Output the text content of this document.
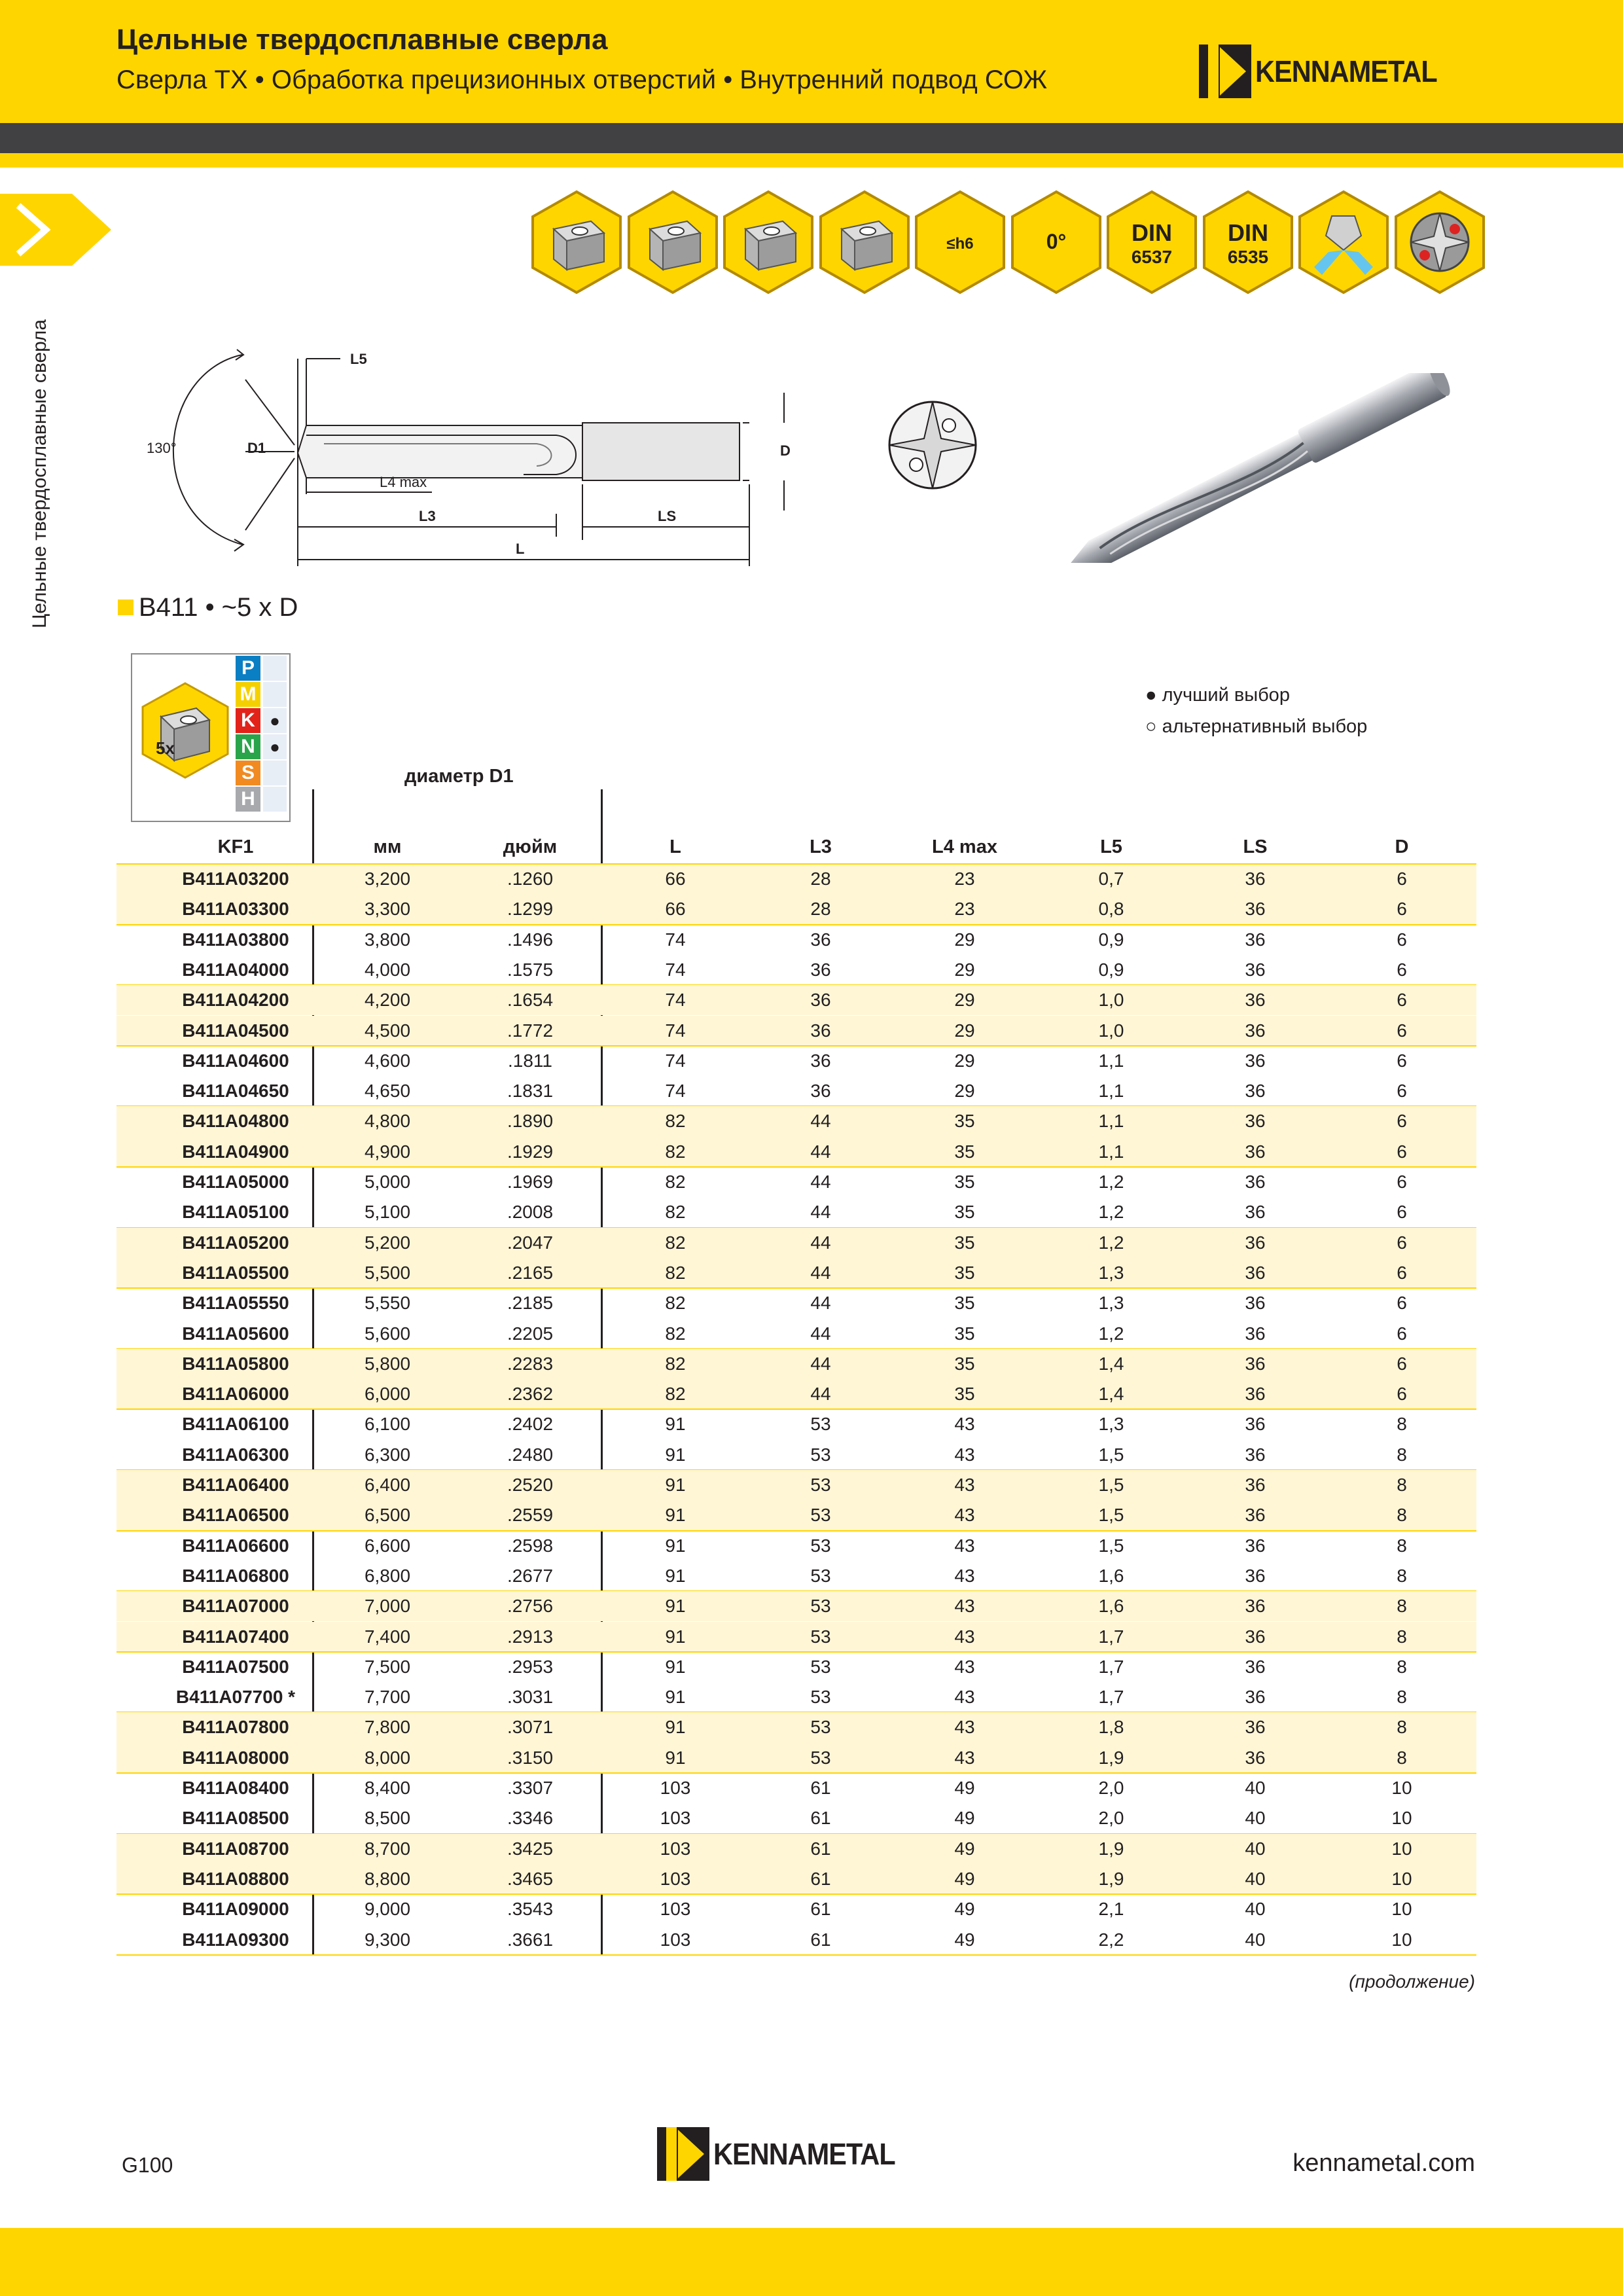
Цельные твердосплавные сверла
Сверла TX • Обработка прецизионных отверстий • Внутренний подвод СОЖ	KENNAMETAL
Цельные твердосплавные сверла
≤h6	0°	DIN
6537
DIN
6535
130°	D1
L5
L4 max
L3	LS
L
D
B411 • ~5 x D
5x
P
M
K ●
N ●
S
H
● лучший выбор
○ альтернативный выбор
диаметр D1
KF1	мм	дюйм	L	L3	L4 max	L5	LS	D
B411A03200	3,200	.1260	66	28	23	0,7	36	6
B411A03300	3,300	.1299	66	28	23	0,8	36	6
B411A03800	3,800	.1496	74	36	29	0,9	36	6
B411A04000	4,000	.1575	74	36	29	0,9	36	6
B411A04200	4,200	.1654	74	36	29	1,0	36	6
B411A04500	4,500	.1772	74	36	29	1,0	36	6
B411A04600	4,600	.1811	74	36	29	1,1	36	6
B411A04650	4,650	.1831	74	36	29	1,1	36	6
B411A04800	4,800	.1890	82	44	35	1,1	36	6
B411A04900	4,900	.1929	82	44	35	1,1	36	6
B411A05000	5,000	.1969	82	44	35	1,2	36	6
B411A05100	5,100	.2008	82	44	35	1,2	36	6
B411A05200	5,200	.2047	82	44	35	1,2	36	6
B411A05500	5,500	.2165	82	44	35	1,3	36	6
B411A05550	5,550	.2185	82	44	35	1,3	36	6
B411A05600	5,600	.2205	82	44	35	1,2	36	6
B411A05800	5,800	.2283	82	44	35	1,4	36	6
B411A06000	6,000	.2362	82	44	35	1,4	36	6
B411A06100	6,100	.2402	91	53	43	1,3	36	8
B411A06300	6,300	.2480	91	53	43	1,5	36	8
B411A06400	6,400	.2520	91	53	43	1,5	36	8
B411A06500	6,500	.2559	91	53	43	1,5	36	8
B411A06600	6,600	.2598	91	53	43	1,5	36	8
B411A06800	6,800	.2677	91	53	43	1,6	36	8
B411A07000	7,000	.2756	91	53	43	1,6	36	8
B411A07400	7,400	.2913	91	53	43	1,7	36	8
B411A07500	7,500	.2953	91	53	43	1,7	36	8
B411A07700 *	7,700	.3031	91	53	43	1,7	36	8
B411A07800	7,800	.3071	91	53	43	1,8	36	8
B411A08000	8,000	.3150	91	53	43	1,9	36	8
B411A08400	8,400	.3307	103	61	49	2,0	40	10
B411A08500	8,500	.3346	103	61	49	2,0	40	10
B411A08700	8,700	.3425	103	61	49	1,9	40	10
B411A08800	8,800	.3465	103	61	49	1,9	40	10
B411A09000	9,000	.3543	103	61	49	2,1	40	10
B411A09300	9,300	.3661	103	61	49	2,2	40	10
(продолжение)
G100	KENNAMETAL	kennametal.com
